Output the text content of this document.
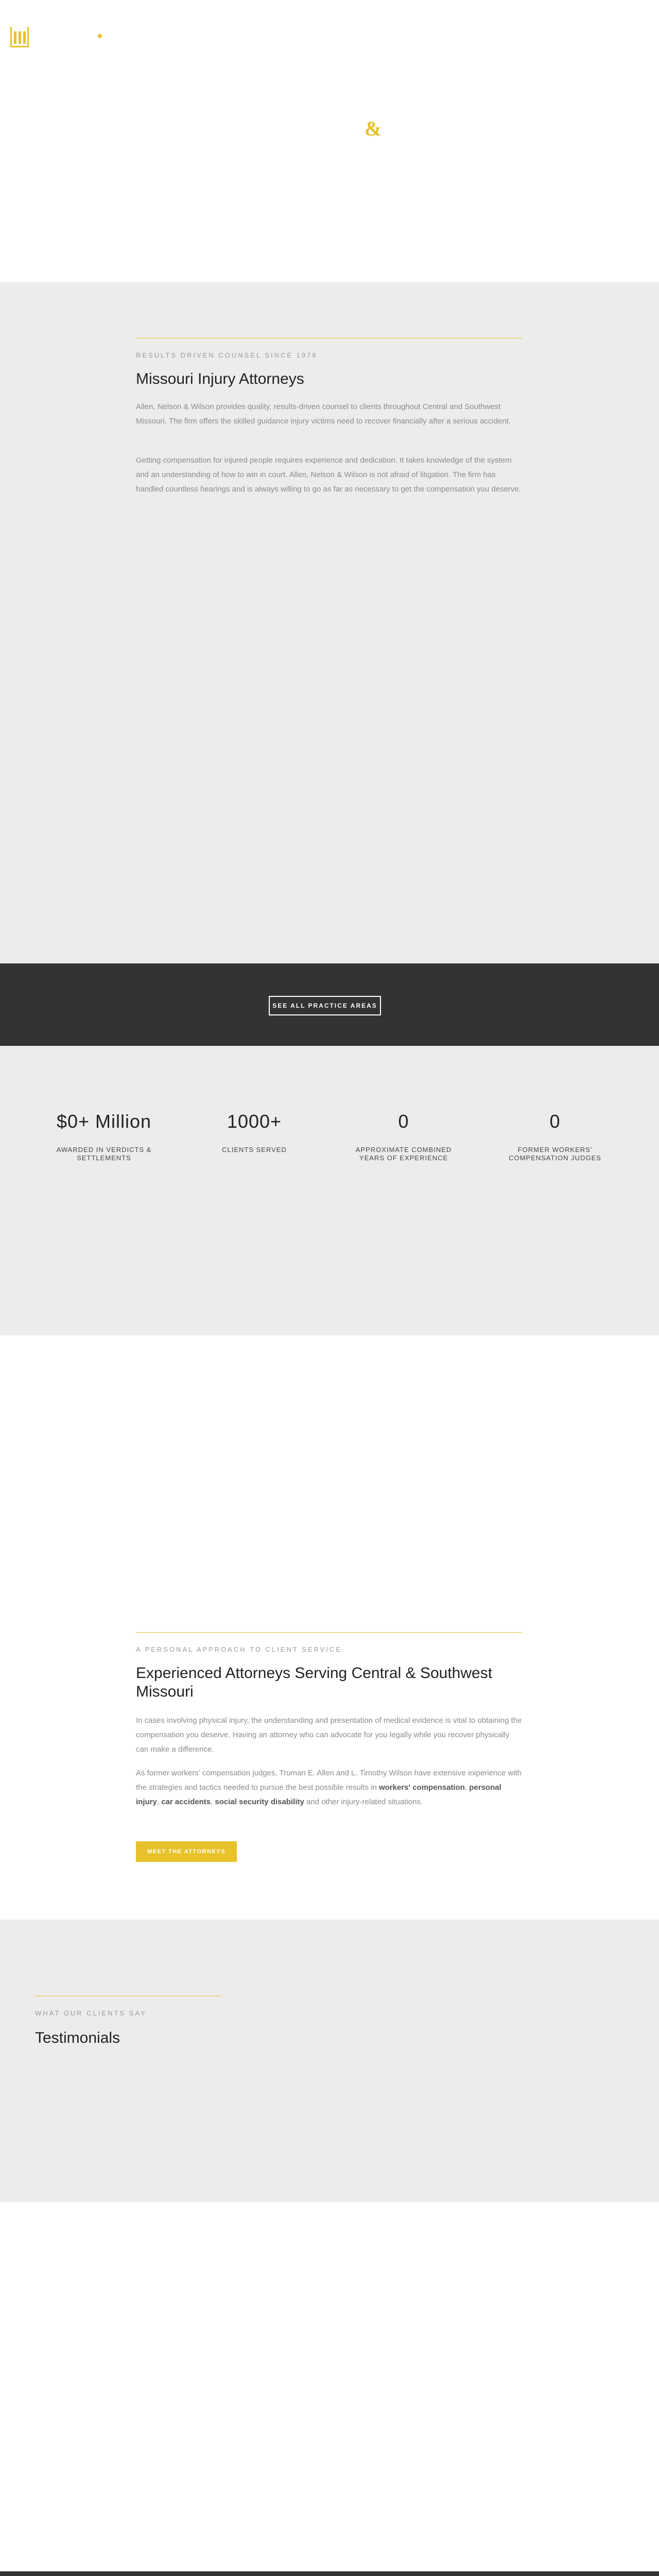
&
RESULTS DRIVEN COUNSEL SINCE 1978
Missouri Injury Attorneys

Allen, Nelson & Wilson provides quality, results-driven counsel to clients throughout Central and Southwest Missouri. The firm offers the skilled guidance injury victims need to recover financially after a serious accident.

Getting compensation for injured people requires experience and dedication. It takes knowledge of the system and an understanding of how to win in court. Allen, Nelson & Wilson is not afraid of litigation. The firm has handled countless hearings and is always willing to go as far as necessary to get the compensation you deserve.

SEE ALL PRACTICE AREAS
$0+ Million
AWARDED IN VERDICTS & SETTLEMENTS
1000+
CLIENTS SERVED
0
APPROXIMATE COMBINED YEARS OF EXPERIENCE
0
FORMER WORKERS' COMPENSATION JUDGES
A PERSONAL APPROACH TO CLIENT SERVICE
Experienced Attorneys Serving Central & Southwest Missouri

In cases involving physical injury, the understanding and presentation of medical evidence is vital to obtaining the compensation you deserve. Having an attorney who can advocate for you legally while you recover physically can make a difference.

As former workers' compensation judges, Truman E. Allen and L. Timothy Wilson have extensive experience with the strategies and tactics needed to pursue the best possible results in workers' compensation, personal injury, car accidents, social security disability and other injury-related situations.

MEET THE ATTORNEYS
WHAT OUR CLIENTS SAY
Testimonials
